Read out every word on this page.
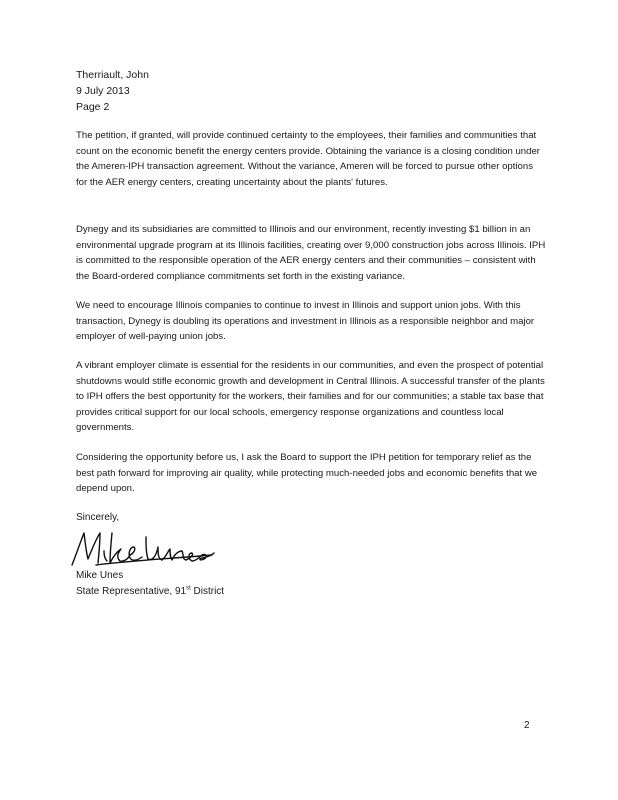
Therriault, John
9 July 2013
Page 2

The petition, if granted, will provide continued certainty to the employees, their families and communities that count on the economic benefit the energy centers provide. Obtaining the variance is a closing condition under the Ameren-IPH transaction agreement. Without the variance, Ameren will be forced to pursue other options for the AER energy centers, creating uncertainty about the plants' futures.

Dynegy and its subsidiaries are committed to Illinois and our environment, recently investing $1 billion in an environmental upgrade program at its Illinois facilities, creating over 9,000 construction jobs across Illinois. IPH is committed to the responsible operation of the AER energy centers and their communities – consistent with the Board-ordered compliance commitments set forth in the existing variance.

We need to encourage Illinois companies to continue to invest in Illinois and support union jobs. With this transaction, Dynegy is doubling its operations and investment in Illinois as a responsible neighbor and major employer of well-paying union jobs.

A vibrant employer climate is essential for the residents in our communities, and even the prospect of potential shutdowns would stifle economic growth and development in Central Illinois. A successful transfer of the plants to IPH offers the best opportunity for the workers, their families and for our communities; a stable tax base that provides critical support for our local schools, emergency response organizations and countless local governments.

Considering the opportunity before us, I ask the Board to support the IPH petition for temporary relief as the best path forward for improving air quality, while protecting much-needed jobs and economic benefits that we depend upon.

Sincerely,
Mike Unes
State Representative, 91st District
2
